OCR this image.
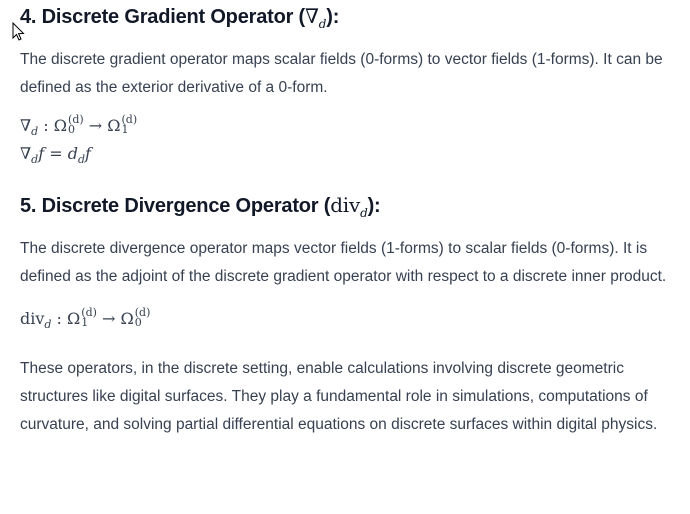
4. Discrete Gradient Operator $(\nabla_d)$:

The discrete gradient operator maps scalar fields (0-forms) to vector fields (1-forms). It can be defined as the exterior derivative of a 0-form.

$\nabla_d$ : Ω (d)
0 → Ω (d)
1
$\nabla_df = d_df$
5. Discrete Divergence Operator (div$_d$):

The discrete divergence operator maps vector fields (1-forms) to scalar fields (0-forms). It is defined as the adjoint of the discrete gradient operator with respect to a discrete inner product.

div$_d$ : Ω (d)
1 → Ω (d)
0

These operators, in the discrete setting, enable calculations involving discrete geometric structures like digital surfaces. They play a fundamental role in simulations, computations of curvature, and solving partial differential equations on discrete surfaces within digital physics.
